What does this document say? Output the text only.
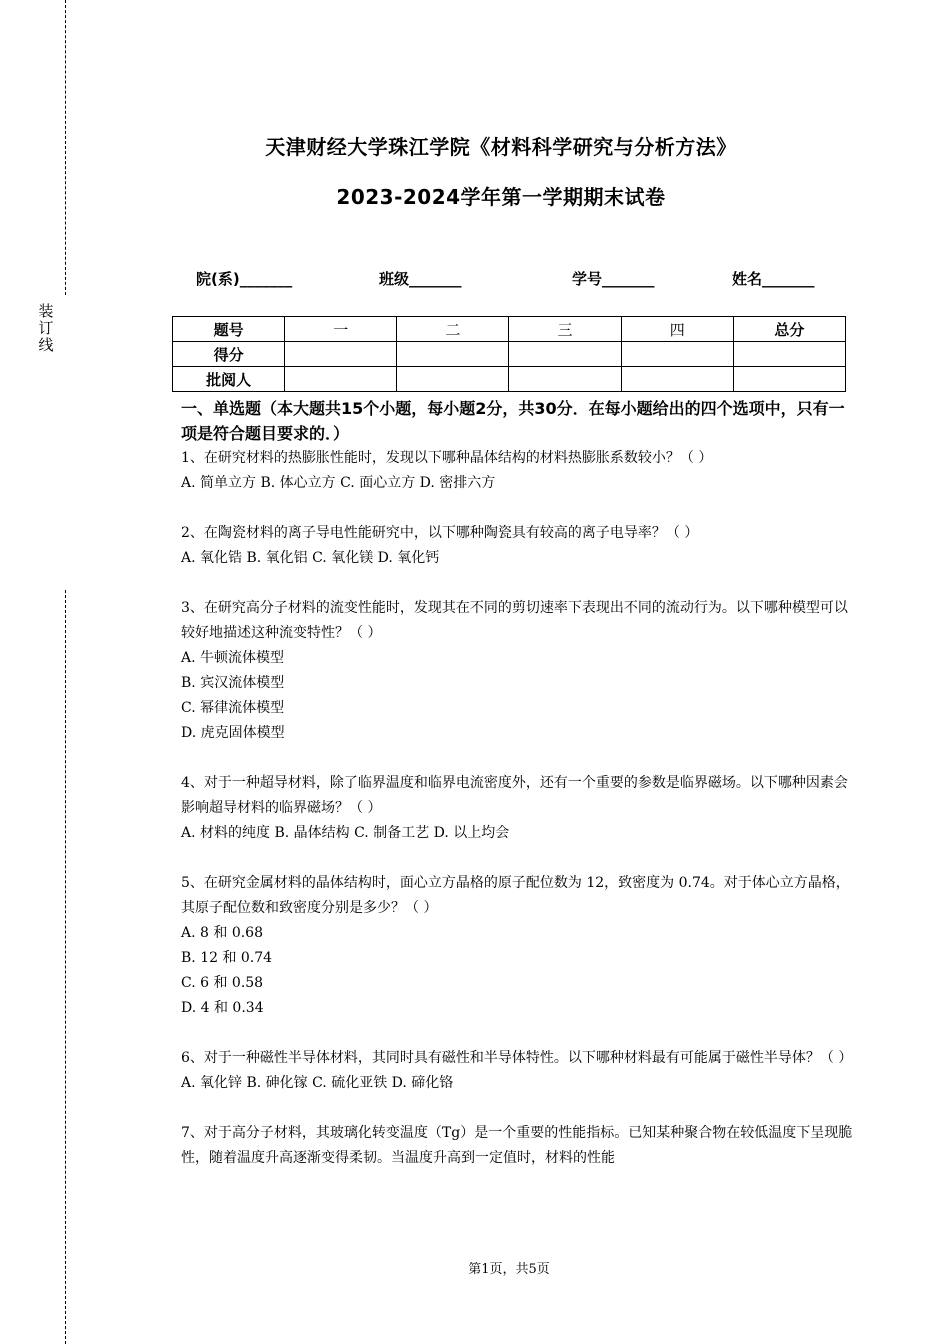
装
订
线
天津财经大学珠江学院《材料科学研究与分析方法》
2023-2024学年第一学期期末试卷
院(系)_______	班级_______	学号_______	姓名_______
题号	一	二	三	四	总分
得分					
批阅人					

一、单选题（本大题共15个小题，每小题2分，共30分．在每小题给出的四个选项中，只有一项是符合题目要求的．）

1、在研究材料的热膨胀性能时，发现以下哪种晶体结构的材料热膨胀系数较小？（ ）

A. 简单立方 B. 体心立方 C. 面心立方 D. 密排六方

2、在陶瓷材料的离子导电性能研究中，以下哪种陶瓷具有较高的离子电导率？（ ）

A. 氧化锆 B. 氧化铝 C. 氧化镁 D. 氧化钙

3、在研究高分子材料的流变性能时，发现其在不同的剪切速率下表现出不同的流动行为。以下哪种模型可以较好地描述这种流变特性？（ ）

A. 牛顿流体模型

B. 宾汉流体模型

C. 幂律流体模型

D. 虎克固体模型

4、对于一种超导材料，除了临界温度和临界电流密度外，还有一个重要的参数是临界磁场。以下哪种因素会影响超导材料的临界磁场？（ ）

A. 材料的纯度 B. 晶体结构 C. 制备工艺 D. 以上均会

5、在研究金属材料的晶体结构时，面心立方晶格的原子配位数为 12，致密度为 0.74。对于体心立方晶格，其原子配位数和致密度分别是多少？（ ）

A. 8 和 0.68

B. 12 和 0.74

C. 6 和 0.58

D. 4 和 0.34

6、对于一种磁性半导体材料，其同时具有磁性和半导体特性。以下哪种材料最有可能属于磁性半导体？（ ）

A. 氧化锌 B. 砷化镓 C. 硫化亚铁 D. 碲化铬

7、对于高分子材料，其玻璃化转变温度（Tg）是一个重要的性能指标。已知某种聚合物在较低温度下呈现脆性，随着温度升高逐渐变得柔韧。当温度升高到一定值时，材料的性能

第1页，共5页
